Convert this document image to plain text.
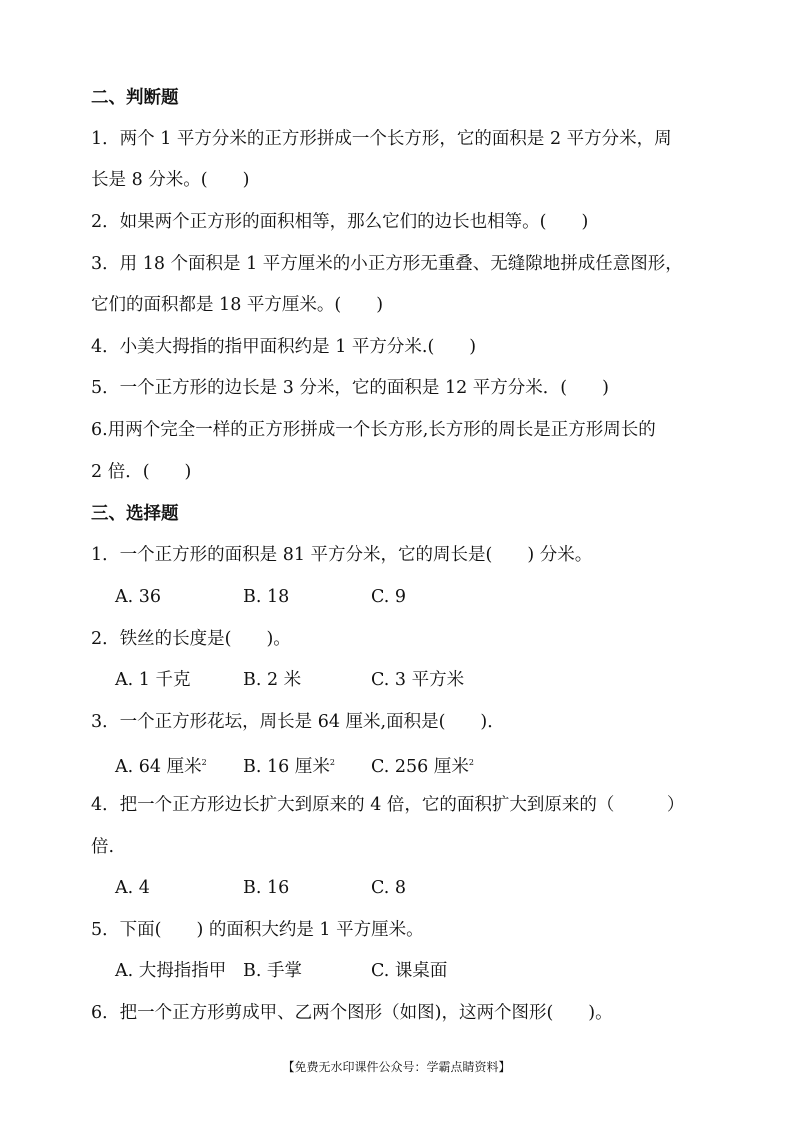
二、判断题
1．两个 1 平方分米的正方形拼成一个长方形，它的面积是 2 平方分米，周
长是 8 分米。(　　)
2．如果两个正方形的面积相等，那么它们的边长也相等。(　　)
3．用 18 个面积是 1 平方厘米的小正方形无重叠、无缝隙地拼成任意图形，
它们的面积都是 18 平方厘米。(　　)
4．小美大拇指的指甲面积约是 1 平方分米.(　　)
5．一个正方形的边长是 3 分米，它的面积是 12 平方分米．(　　)
6.用两个完全一样的正方形拼成一个长方形,长方形的周长是正方形周长的
2 倍．(　　)
三、选择题
1．一个正方形的面积是 81 平方分米，它的周长是(　　) 分米。
A. 36	B. 18	C. 9
2．铁丝的长度是(　　)。
A. 1 千克	B. 2 米	C. 3 平方米
3．一个正方形花坛，周长是 64 厘米,面积是(　　)．
A. 64 厘米$^2$ B. 16 厘米$^2$ C. 256 厘米$^2$
4．把一个正方形边长扩大到原来的 4 倍，它的面积扩大到原来的（　　　）
倍.
A. 4	B. 16	C. 8
5．下面(　　) 的面积大约是 1 平方厘米。
A. 大拇指指甲 B. 手掌	C. 课桌面
6．把一个正方形剪成甲、乙两个图形（如图)，这两个图形(　　)。
【免费无水印课件公众号：学霸点睛资料】
